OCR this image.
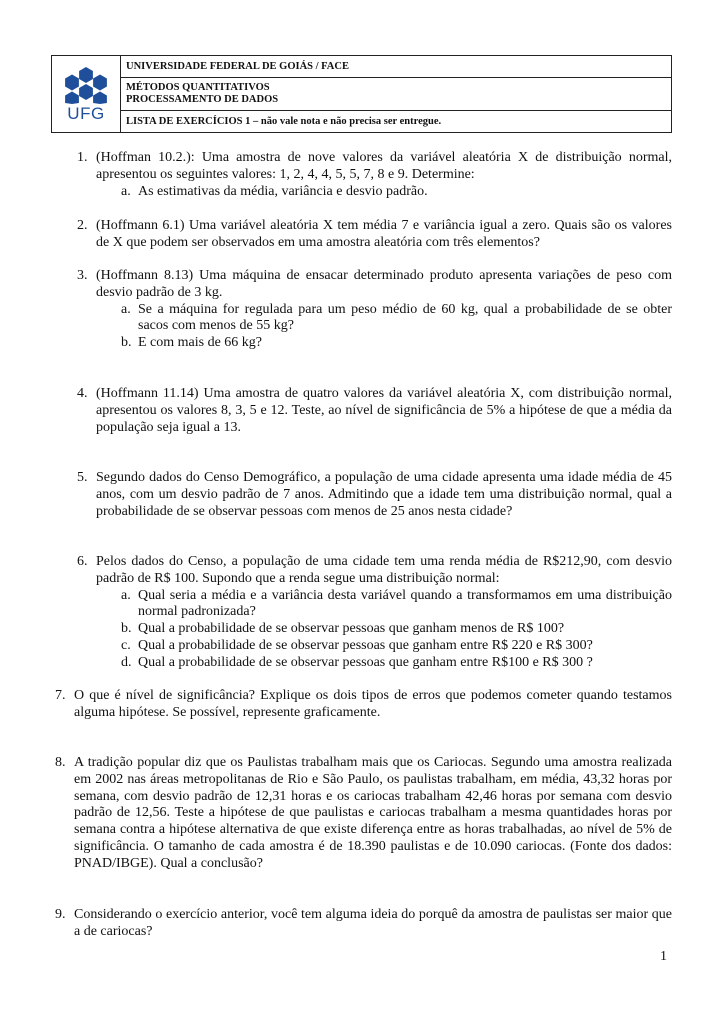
UFG
UNIVERSIDADE FEDERAL DE GOIÁS / FACE
MÉTODOS QUANTITATIVOS
PROCESSAMENTO DE DADOS
LISTA DE EXERCÍCIOS 1 – não vale nota e não precisa ser entregue.
1. (Hoffman 10.2.): Uma amostra de nove valores da variável aleatória X de distribuição normal, apresentou os seguintes valores: 1, 2, 4, 4, 5, 5, 7, 8 e 9. Determine:
a. As estimativas da média, variância e desvio padrão.
2. (Hoffmann 6.1) Uma variável aleatória X tem média 7 e variância igual a zero. Quais são os valores de X que podem ser observados em uma amostra aleatória com três elementos?
3. (Hoffmann 8.13) Uma máquina de ensacar determinado produto apresenta variações de peso com desvio padrão de 3 kg.
a. Se a máquina for regulada para um peso médio de 60 kg, qual a probabilidade de se obter sacos com menos de 55 kg?
b. E com mais de 66 kg?
4. (Hoffmann 11.14) Uma amostra de quatro valores da variável aleatória X, com distribuição normal, apresentou os valores 8, 3, 5 e 12. Teste, ao nível de significância de 5% a hipótese de que a média da população seja igual a 13.
5. Segundo dados do Censo Demográfico, a população de uma cidade apresenta uma idade média de 45 anos, com um desvio padrão de 7 anos. Admitindo que a idade tem uma distribuição normal, qual a probabilidade de se observar pessoas com menos de 25 anos nesta cidade?
6. Pelos dados do Censo, a população de uma cidade tem uma renda média de R$212,90, com desvio padrão de R$ 100. Supondo que a renda segue uma distribuição normal:
a. Qual seria a média e a variância desta variável quando a transformamos em uma distribuição normal padronizada?
b. Qual a probabilidade de se observar pessoas que ganham menos de R$ 100?
c. Qual a probabilidade de se observar pessoas que ganham entre R$ 220 e R$ 300?
d. Qual a probabilidade de se observar pessoas que ganham entre R$100 e R$ 300 ?
7. O que é nível de significância? Explique os dois tipos de erros que podemos cometer quando testamos alguma hipótese. Se possível, represente graficamente.
8. A tradição popular diz que os Paulistas trabalham mais que os Cariocas. Segundo uma amostra realizada em 2002 nas áreas metropolitanas de Rio e São Paulo, os paulistas trabalham, em média, 43,32 horas por semana, com desvio padrão de 12,31 horas e os cariocas trabalham 42,46 horas por semana com desvio padrão de 12,56. Teste a hipótese de que paulistas e cariocas trabalham a mesma quantidades horas por semana contra a hipótese alternativa de que existe diferença entre as horas trabalhadas, ao nível de 5% de significância. O tamanho de cada amostra é de 18.390 paulistas e de 10.090 cariocas. (Fonte dos dados: PNAD/IBGE). Qual a conclusão?
9. Considerando o exercício anterior, você tem alguma ideia do porquê da amostra de paulistas ser maior que a de cariocas?
1
